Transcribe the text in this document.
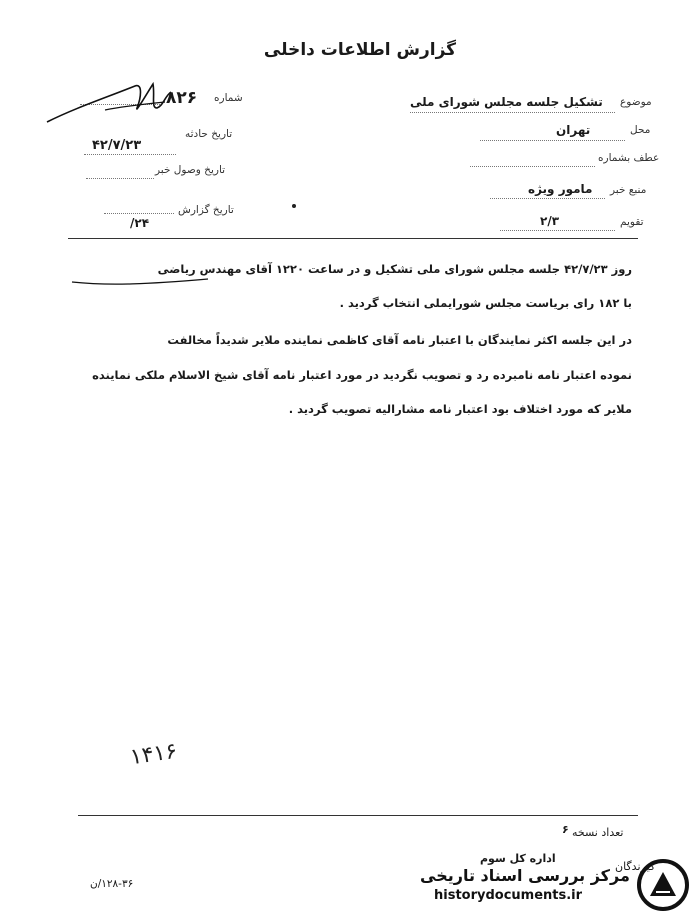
گزارش اطلاعات داخلی
شماره
۸۲۶
تاریخ حادثه
۴۲/۷/۲۳
تاریخ وصول خبر
تاریخ گزارش
/۲۴
موضوع
تشکیل جلسه مجلس شورای ملی
محل
تهران
عطف بشماره
منبع خبر
مامور ویژه
تقویم
۲/۳
روز ۴۲/۷/۲۳ جلسه مجلس شورای ملی تشکیل و در ساعت ۱۲۲۰ آقای مهندس ریاضی
با ۱۸۲ رای بریاست مجلس شورایملی انتخاب گردید .
در این جلسه اکثر نمایندگان با اعتبار نامه آقای کاظمی نماینده ملایر شدیداً مخالفت
نموده اعتبار نامه نامبرده رد و تصویب نگردید در مورد اعتبار نامه آقای شیخ الاسلام ملکی نماینده
ملایر که مورد اختلاف بود اعتبار نامه مشارالیه تصویب گردید .
۱۴۱۶
تعداد نسخه
۶
گیرندگان
اداره کل سوم
۱۲۸-۳۶/ن	مرکز بررسی اسناد تاریخی
historydocuments.ir
